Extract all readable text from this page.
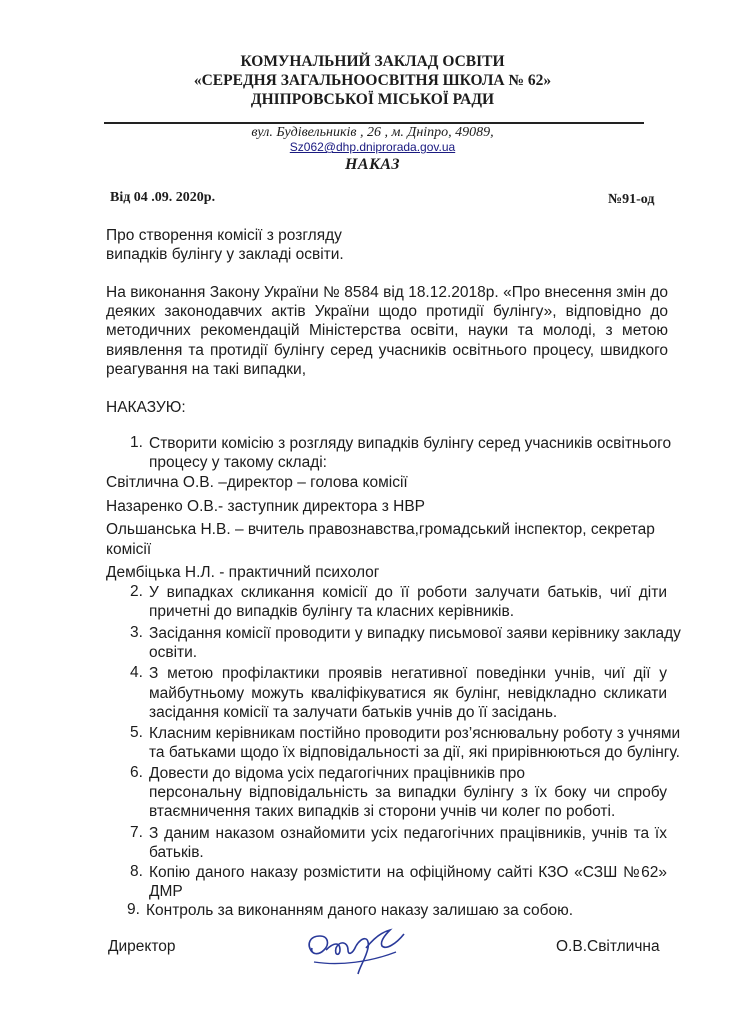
КОМУНАЛЬНИЙ ЗАКЛАД ОСВІТИ
«СЕРЕДНЯ ЗАГАЛЬНООСВІТНЯ ШКОЛА № 62»
ДНІПРОВСЬКОЇ МІСЬКОЇ РАДИ
вул. Будівельників , 26 , м. Дніпро, 49089,
Sz062@dhp.dniprorada.gov.ua
НАКАЗ
Від 04 .09. 2020р.	№91-од
Про створення комісії з розгляду
випадків булінгу у закладі освіти.
На виконання Закону України № 8584 від 18.12.2018р. «Про внесення змін до
деяких законодавчих актів України щодо протидії булінгу», відповідно до
методичних рекомендацій Міністерства освіти, науки та молоді, з метою
виявлення та протидії булінгу серед учасників освітнього процесу, швидкого
реагування на такі випадки,
НАКАЗУЮ:
1. Створити комісію з розгляду випадків булінгу серед учасників освітнього
процесу у такому складі:
Світлична О.В. –директор – голова комісії
Назаренко О.В.- заступник директора з НВР
Ольшанська Н.В. – вчитель правознавства,громадський інспектор, секретар
комісії
Дембіцька Н.Л. - практичний психолог
2. У випадках скликання комісії до її роботи залучати батьків, чиї діти
причетні до випадків булінгу та класних керівників.
3. Засідання комісії проводити у випадку письмової заяви керівнику закладу
освіти.
4. З метою профілактики проявів негативної поведінки учнів, чиї дії у
майбутньому можуть кваліфікуватися як булінг, невідкладно скликати
засідання комісії та залучати батьків учнів до її засідань.
5. Класним керівникам постійно проводити роз’яснювальну роботу з учнями
та батьками щодо їх відповідальності за дії, які прирівнюються до булінгу.
6. Довести до відома усіх педагогічних працівників про
персональну відповідальність за випадки булінгу з їх боку чи спробу
втаємничення таких випадків зі сторони учнів чи колег по роботі.
7. З даним наказом ознайомити усіх педагогічних працівників, учнів та їх
батьків.
8. Копію даного наказу розмістити на офіційному сайті КЗО «СЗШ №62»
ДМР
9. Контроль за виконанням даного наказу залишаю за собою.
Директор	О.В.Світлична
